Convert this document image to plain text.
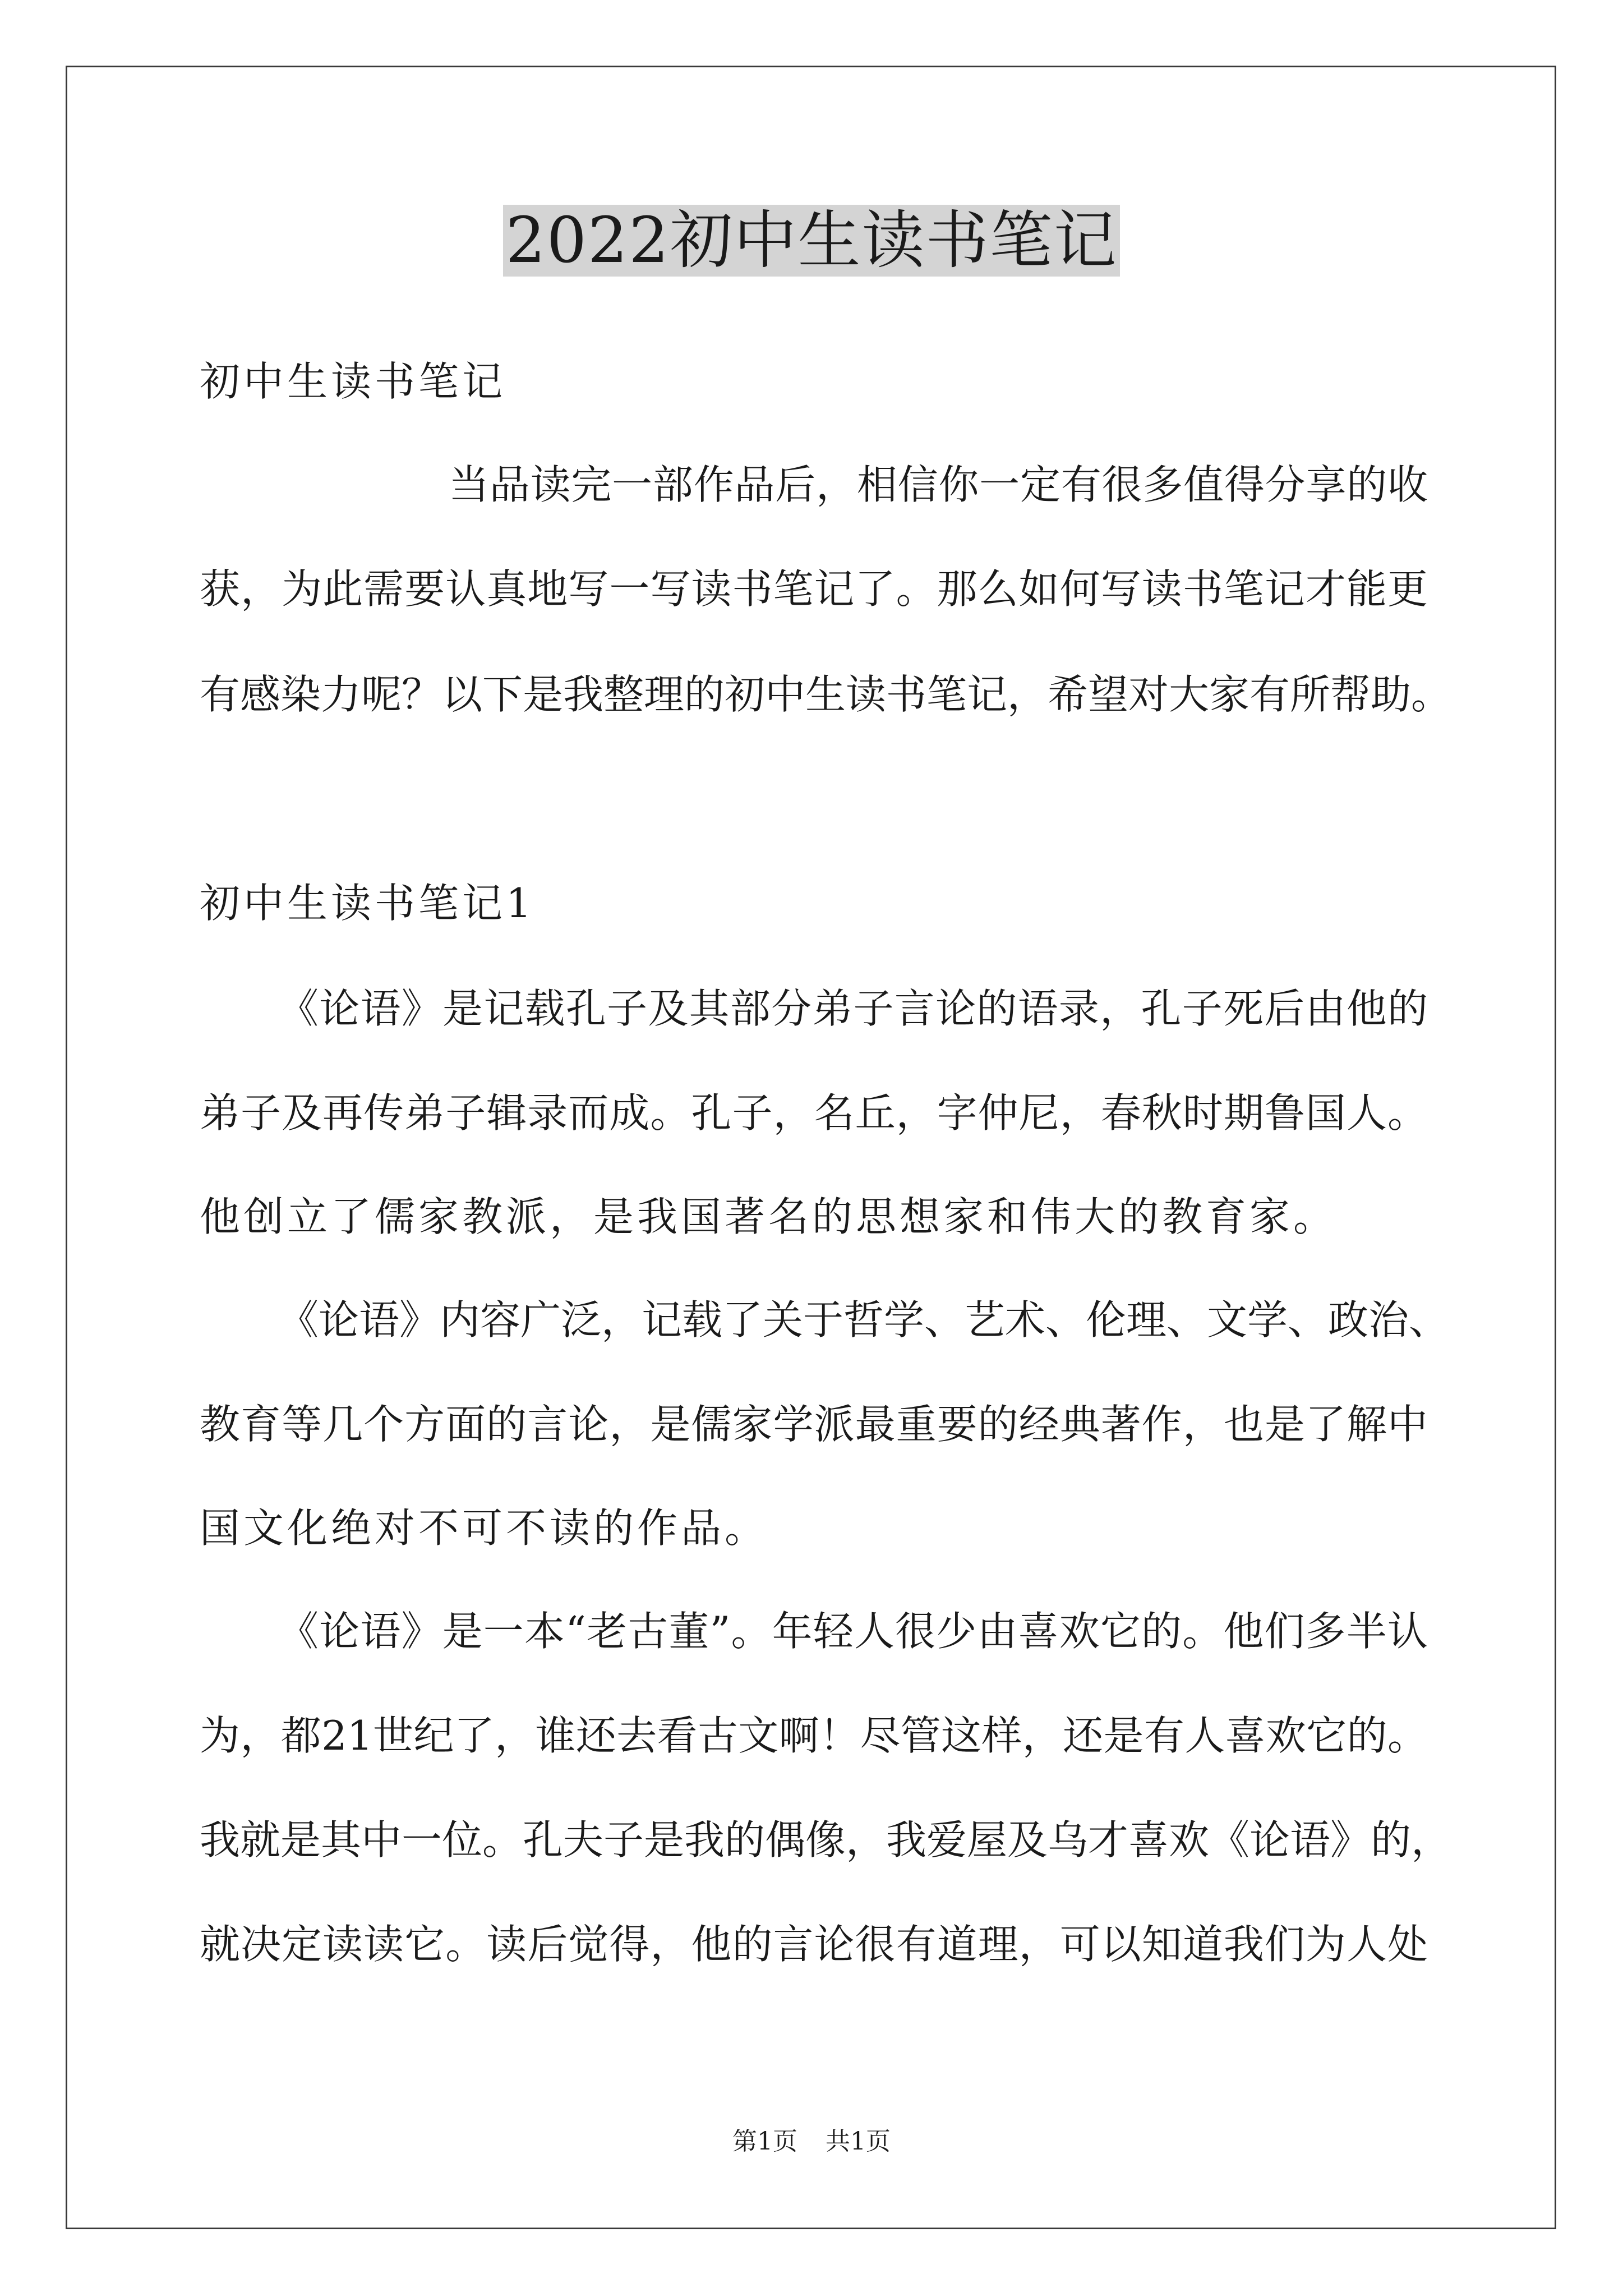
2022初中生读书笔记
初中生读书笔记
当品读完一部作品后，相信你一定有很多值得分享的收
获，为此需要认真地写一写读书笔记了。那么如何写读书笔记才能更
有感染力呢？以下是我整理的初中生读书笔记，希望对大家有所帮助。
初中生读书笔记1
《论语》是记载孔子及其部分弟子言论的语录，孔子死后由他的
弟子及再传弟子辑录而成。孔子，名丘，字仲尼，春秋时期鲁国人。
他创立了儒家教派，是我国著名的思想家和伟大的教育家。
《论语》内容广泛，记载了关于哲学、艺术、伦理、文学、政治、
教育等几个方面的言论，是儒家学派最重要的经典著作，也是了解中
国文化绝对不可不读的作品。
《论语》是一本“老古董”。年轻人很少由喜欢它的。他们多半认
为，都21世纪了，谁还去看古文啊！尽管这样，还是有人喜欢它的。
我就是其中一位。孔夫子是我的偶像，我爱屋及乌才喜欢《论语》的，
就决定读读它。读后觉得，他的言论很有道理，可以知道我们为人处
第1页 共1页
